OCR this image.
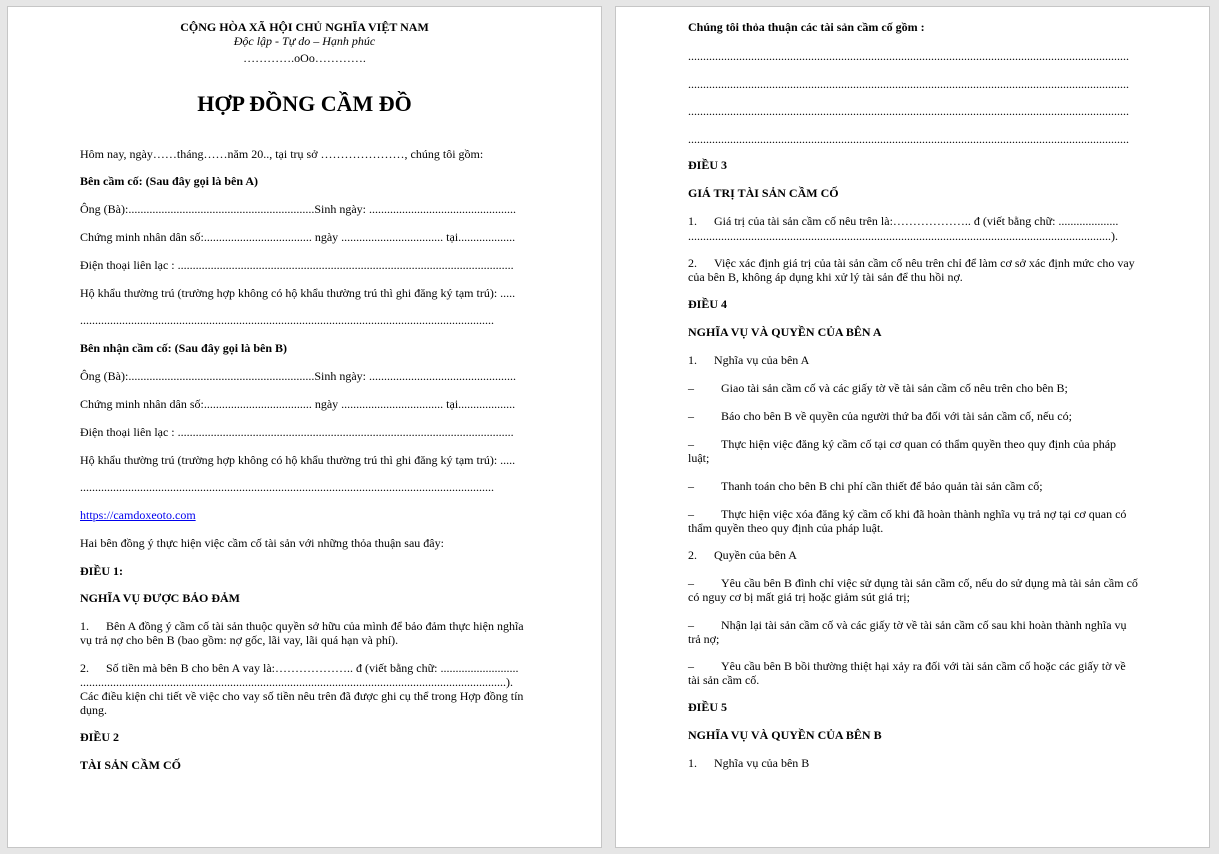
CỘNG HÒA XÃ HỘI CHỦ NGHĨA VIỆT NAM
Độc lập - Tự do – Hạnh phúc
………….oOo………….
HỢP ĐỒNG CẦM ĐỒ
Hôm nay, ngày……tháng……năm 20.., tại trụ sở …………………, chúng tôi gồm:
Bên cầm cố: (Sau đây gọi là bên A)
Ông (Bà):..............................................................Sinh ngày: .................................................
Chứng minh nhân dân số:.................................... ngày .................................. tại...................
Điện thoại liên lạc : ................................................................................................................
Hộ khẩu thường trú (trường hợp không có hộ khẩu thường trú thì ghi đăng ký tạm trú): .....
..........................................................................................................................................
Bên nhận cầm cố: (Sau đây gọi là bên B)
Ông (Bà):..............................................................Sinh ngày: .................................................
Chứng minh nhân dân số:.................................... ngày .................................. tại...................
Điện thoại liên lạc : ................................................................................................................
Hộ khẩu thường trú (trường hợp không có hộ khẩu thường trú thì ghi đăng ký tạm trú): .....
..........................................................................................................................................
https://camdoxeoto.com
Hai bên đồng ý thực hiện việc cầm cố tài sản với những thỏa thuận sau đây:
ĐIỀU 1:
NGHĨA VỤ ĐƯỢC BẢO ĐẢM
1. Bên A đồng ý cầm cố tài sản thuộc quyền sở hữu của mình để bảo đảm thực hiện nghĩa vụ trả nợ cho bên B (bao gồm: nợ gốc, lãi vay, lãi quá hạn và phí).
2. Số tiền mà bên B cho bên A vay là:……………….. đ (viết bằng chữ: ..........................
..............................................................................................................................................).
Các điều kiện chi tiết về việc cho vay số tiền nêu trên đã được ghi cụ thể trong Hợp đồng tín dụng.
ĐIỀU 2
TÀI SẢN CẦM CỐ
Chúng tôi thỏa thuận các tài sản cầm cố gồm :
...................................................................................................................................................
...................................................................................................................................................
...................................................................................................................................................
...................................................................................................................................................
ĐIỀU 3
GIÁ TRỊ TÀI SẢN CẦM CỐ
1. Giá trị của tài sản cầm cố nêu trên là:……………….. đ (viết bằng chữ: ....................
.............................................................................................................................................).
2. Việc xác định giá trị của tài sản cầm cố nêu trên chỉ để làm cơ sở xác định mức cho vay của bên B, không áp dụng khi xử lý tài sản để thu hồi nợ.
ĐIỀU 4
NGHĨA VỤ VÀ QUYỀN CỦA BÊN A
1. Nghĩa vụ của bên A
– Giao tài sản cầm cố và các giấy tờ về tài sản cầm cố nêu trên cho bên B;
– Báo cho bên B về quyền của người thứ ba đối với tài sản cầm cố, nếu có;
– Thực hiện việc đăng ký cầm cố tại cơ quan có thẩm quyền theo quy định của pháp luật;
– Thanh toán cho bên B chi phí cần thiết để bảo quản tài sản cầm cố;
– Thực hiện việc xóa đăng ký cầm cố khi đã hoàn thành nghĩa vụ trả nợ tại cơ quan có thẩm quyền theo quy định của pháp luật.
2. Quyền của bên A
– Yêu cầu bên B đình chỉ việc sử dụng tài sản cầm cố, nếu do sử dụng mà tài sản cầm cố có nguy cơ bị mất giá trị hoặc giảm sút giá trị;
– Nhận lại tài sản cầm cố và các giấy tờ về tài sản cầm cố sau khi hoàn thành nghĩa vụ trả nợ;
– Yêu cầu bên B bồi thường thiệt hại xảy ra đối với tài sản cầm cố hoặc các giấy tờ về tài sản cầm cố.
ĐIỀU 5
NGHĨA VỤ VÀ QUYỀN CỦA BÊN B
1. Nghĩa vụ của bên B
